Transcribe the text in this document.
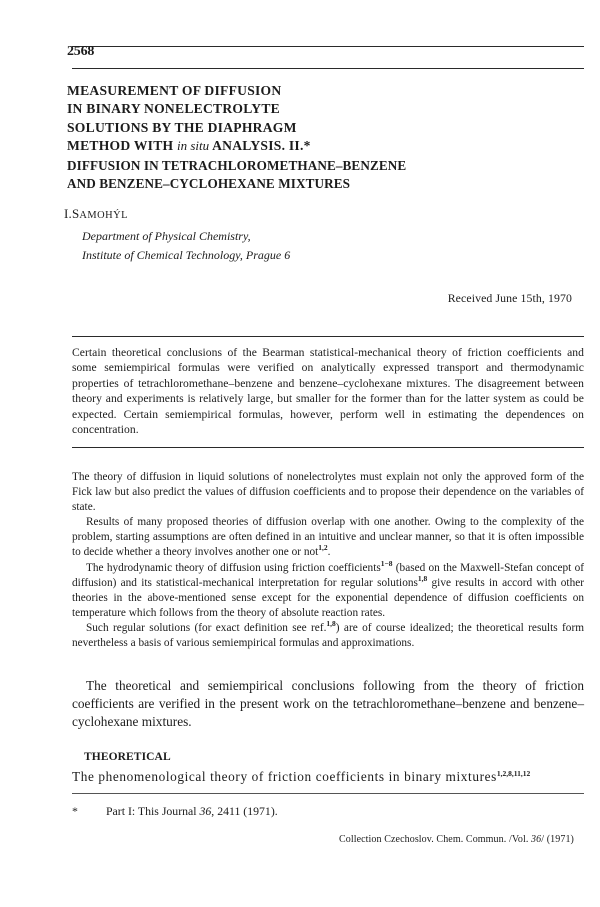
2568
MEASUREMENT OF DIFFUSION
IN BINARY NONELECTROLYTE
SOLUTIONS BY THE DIAPHRAGM
METHOD WITH in situ ANALYSIS. II.*
DIFFUSION IN TETRACHLOROMETHANE–BENZENE
AND BENZENE–CYCLOHEXANE MIXTURES
I.SAMOHÝL
Department of Physical Chemistry,
Institute of Chemical Technology, Prague 6
Received June 15th, 1970
Certain theoretical conclusions of the Bearman statistical-mechanical theory of friction coefficients and some semiempirical formulas were verified on analytically expressed transport and thermodynamic properties of tetrachloromethane–benzene and benzene–cyclohexane mixtures. The disagreement between theory and experiments is relatively large, but smaller for the former than for the latter system as could be expected. Certain semiempirical formulas, however, perform well in estimating the dependences on concentration.

The theory of diffusion in liquid solutions of nonelectrolytes must explain not only the approved form of the Fick law but also predict the values of diffusion coefficients and to propose their dependence on the variables of state.

Results of many proposed theories of diffusion overlap with one another. Owing to the complexity of the problem, starting assumptions are often defined in an intuitive and unclear manner, so that it is often impossible to decide whether a theory involves another one or not$^{1,2}$.

The hydrodynamic theory of diffusion using friction coefficients$^{1-8}$ (based on the Maxwell-Stefan concept of diffusion) and its statistical-mechanical interpretation for regular solutions$^{1,8}$ give results in accord with other theories in the above-mentioned sense except for the exponential dependence of diffusion coefficients on temperature which follows from the theory of absolute reaction rates.

Such regular solutions (for exact definition see ref.$^{1,8}$) are of course idealized; the theoretical results form nevertheless a basis of various semiempirical formulas and approximations.

The theoretical and semiempirical conclusions following from the theory of friction coefficients are verified in the present work on the tetrachloromethane–benzene and benzene–cyclohexane mixtures.

THEORETICAL
The phenomenological theory of friction coefficients in binary mixtures$^{1,2,8,11,12}$
* Part I: This Journal 36, 2411 (1971).
Collection Czechoslov. Chem. Commun. /Vol. 36/ (1971)
